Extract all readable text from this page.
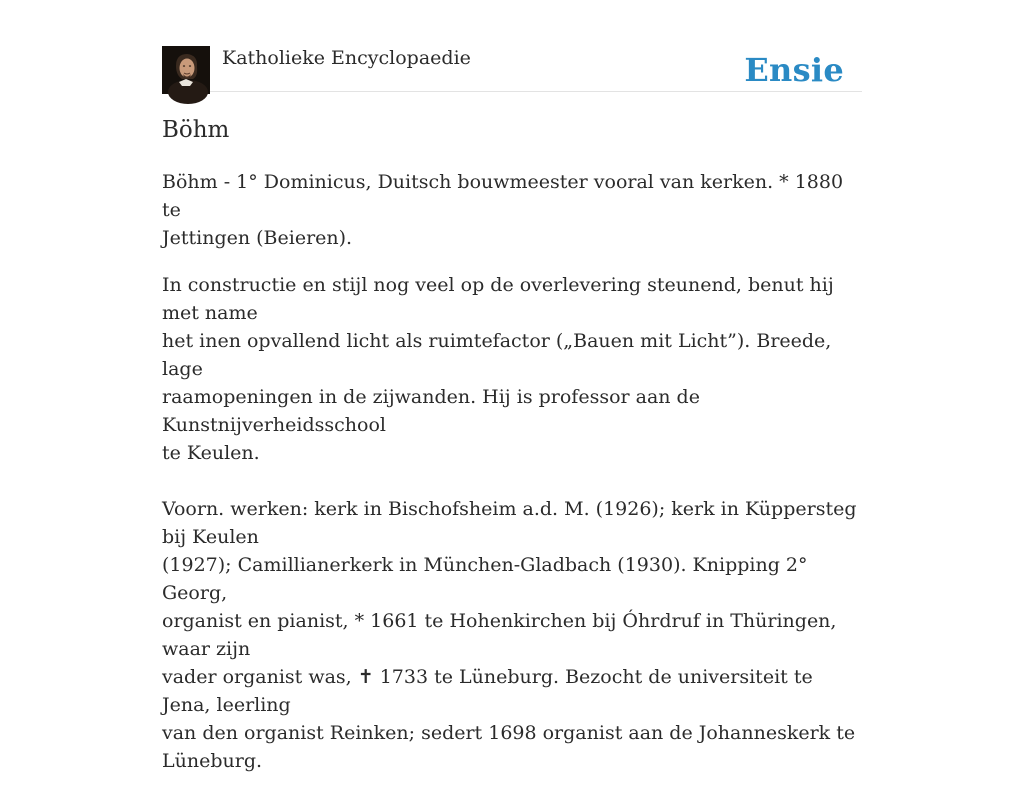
Katholieke Encyclopaedie	Ensie
Böhm

Böhm - 1° Dominicus, Duitsch bouwmeester vooral van kerken. * 1880 te
Jettingen (Beieren).

In constructie en stijl nog veel op de overlevering steunend, benut hij met name
het inen opvallend licht als ruimtefactor („Bauen mit Licht”). Breede, lage
raamopeningen in de zijwanden. Hij is professor aan de Kunstnijverheidsschool
te Keulen.

Voorn. werken: kerk in Bischofsheim a.d. M. (1926); kerk in Küppersteg bij Keulen
(1927); Camillianerkerk in München-Gladbach (1930). Knipping 2° Georg,
organist en pianist, * 1661 te Hohenkirchen bij Óhrdruf in Thüringen, waar zijn
vader organist was, ✝ 1733 te Lüneburg. Bezocht de universiteit te Jena, leerling
van den organist Reinken; sedert 1698 organist aan de Johanneskerk te Lüneburg.
